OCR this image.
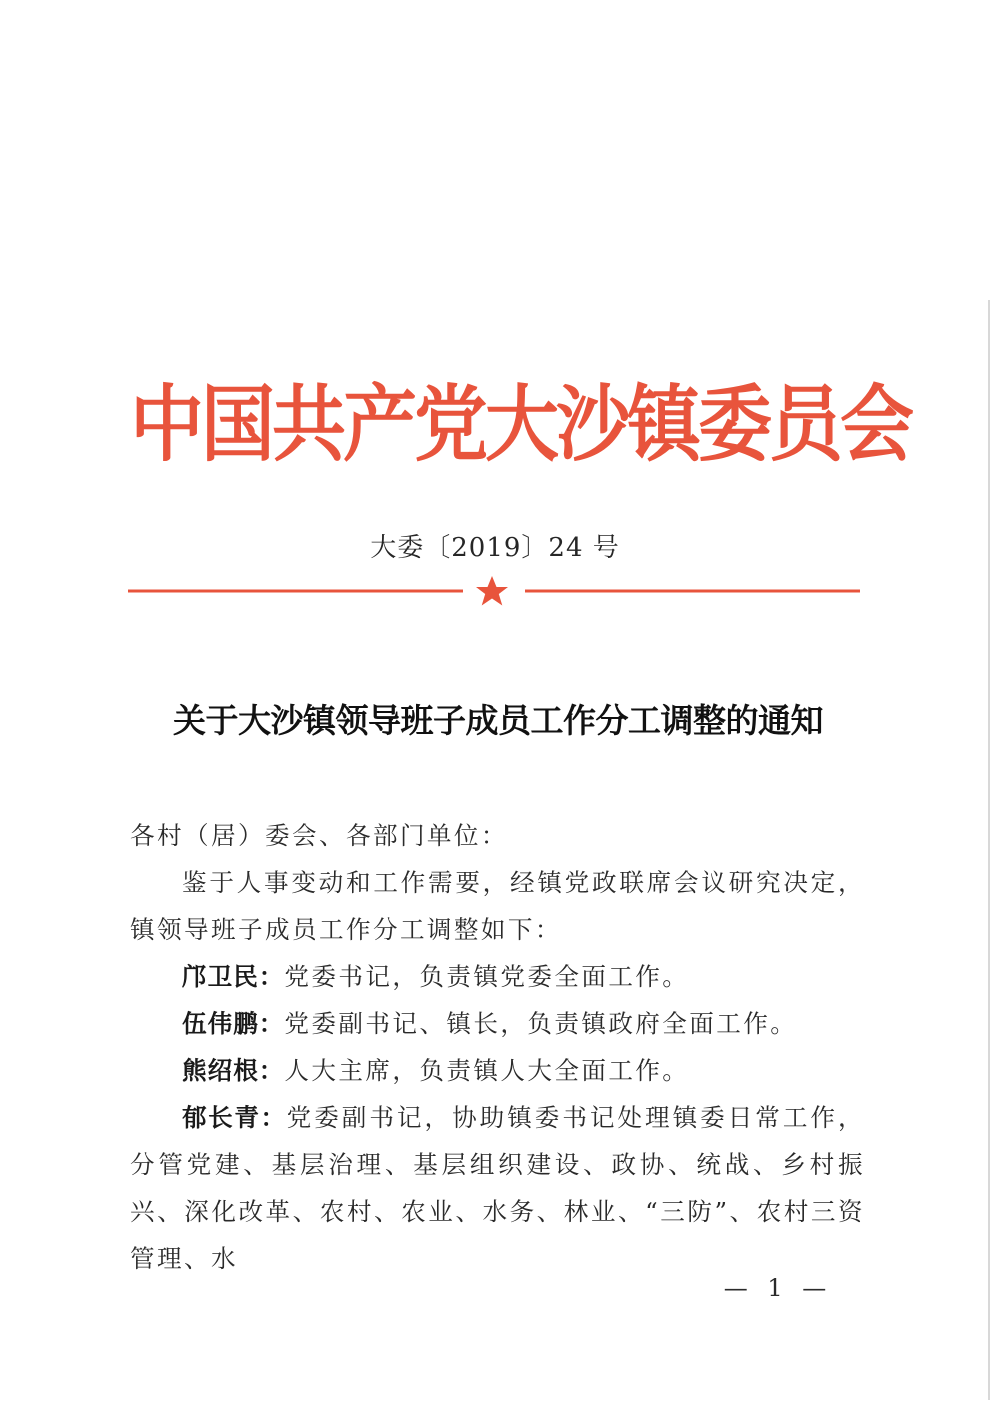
中国共产党大沙镇委员会
大委〔2019〕24 号
关于大沙镇领导班子成员工作分工调整的通知

各村（居）委会、各部门单位：

鉴于人事变动和工作需要，经镇党政联席会议研究决定，镇领导班子成员工作分工调整如下：

邝卫民：党委书记，负责镇党委全面工作。

伍伟鹏：党委副书记、镇长，负责镇政府全面工作。

熊绍根：人大主席，负责镇人大全面工作。

郁长青：党委副书记，协助镇委书记处理镇委日常工作，分管党建、基层治理、基层组织建设、政协、统战、乡村振兴、深化改革、农村、农业、水务、林业、“三防”、农村三资管理、水

— 1 —
